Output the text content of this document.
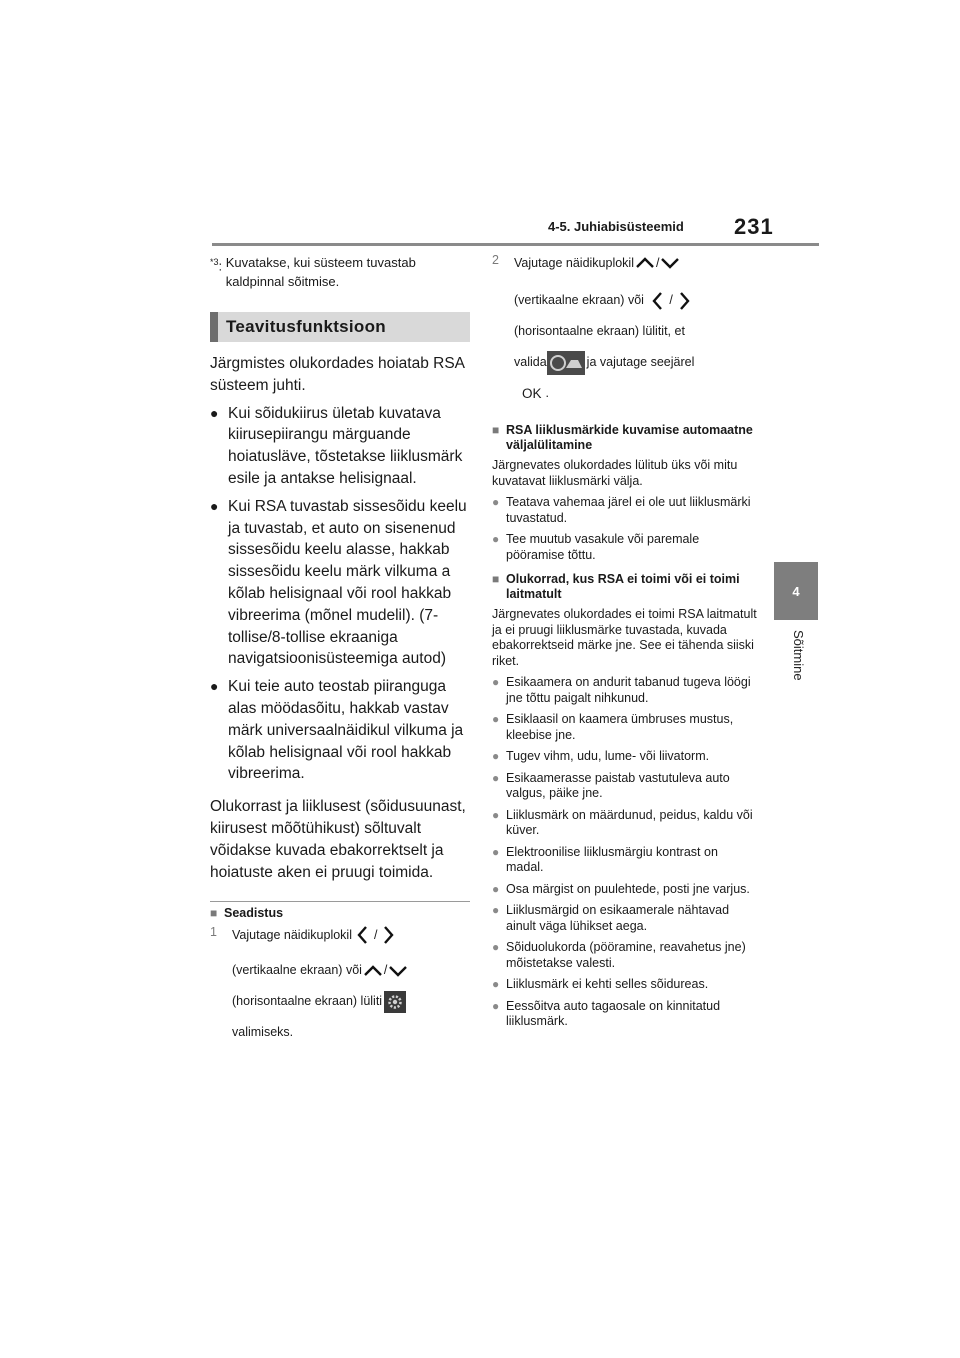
4-5. Juhiabisüsteemid 231
4
Sõitmine
$^{*3}$: Kuvatakse, kui süsteem tuvastab kaldpinnal sõitmise.
Teavitusfunktsioon
Järgmistes olukordades hoiatab RSA süsteem juhti.
● Kui sõidukiirus ületab kuvatava kiirusepiirangu märguande hoiatusläve, tõstetakse liiklusmärk esile ja antakse helisignaal.
● Kui RSA tuvastab sissesõidu keelu ja tuvastab, et auto on sisenenud sissesõidu keelu alasse, hakkab sissesõidu keelu märk vilkuma a kõlab helisignaal või rool hakkab vibreerima (mõnel mudelil). (7-tollise/8-tollise ekraaniga navigatsioonisüsteemiga autod)
● Kui teie auto teostab piiranguga alas möödasõitu, hakkab vastav märk universaalnäidikul vilkuma ja kõlab helisignaal või rool hakkab vibreerima.
Olukorrast ja liiklusest (sõidusuunast, kiirusest mõõtühikust) sõltuvalt võidakse kuvada ebakorrektselt ja hoiatuste aken ei pruugi toimida.
■ Seadistus
1	Vajutage näidikuplokil /
(vertikaalne ekraan) või /
(horisontaalne ekraan) lüliti
valimiseks.
2	Vajutage näidikuplokil /
(vertikaalne ekraan) või
/
(horisontaalne ekraan) lülitit, et
valida	ja vajutage seejärel
OK .
■ RSA liiklusmärkide kuvamise automaatne väljalülitamine
Järgnevates olukordades lülitub üks või mitu kuvatavat liiklusmärki välja.
● Teatava vahemaa järel ei ole uut liiklusmärki tuvastatud.
● Tee muutub vasakule või paremale pööramise tõttu.
■ Olukorrad, kus RSA ei toimi või ei toimi laitmatult
Järgnevates olukordades ei toimi RSA laitmatult ja ei pruugi liiklusmärke tuvastada, kuvada ebakorrektseid märke jne. See ei tähenda siiski riket.
● Esikaamera on andurit tabanud tugeva löögi jne tõttu paigalt nihkunud.
● Esiklaasil on kaamera ümbruses mustus, kleebise jne.
● Tugev vihm, udu, lume- või liivatorm.
● Esikaamerasse paistab vastutuleva auto valgus, päike jne.
● Liiklusmärk on määrdunud, peidus, kaldu või küver.
● Elektroonilise liiklusmärgiu kontrast on madal.
● Osa märgist on puulehtede, posti jne varjus.
● Liiklusmärgid on esikaamerale nähtavad ainult väga lühikset aega.
● Sõiduolukorda (pööramine, reavahetus jne) mõistetakse valesti.
● Liiklusmärk ei kehti selles sõidureas.
● Eessõitva auto tagaosale on kinnitatud liiklusmärk.
